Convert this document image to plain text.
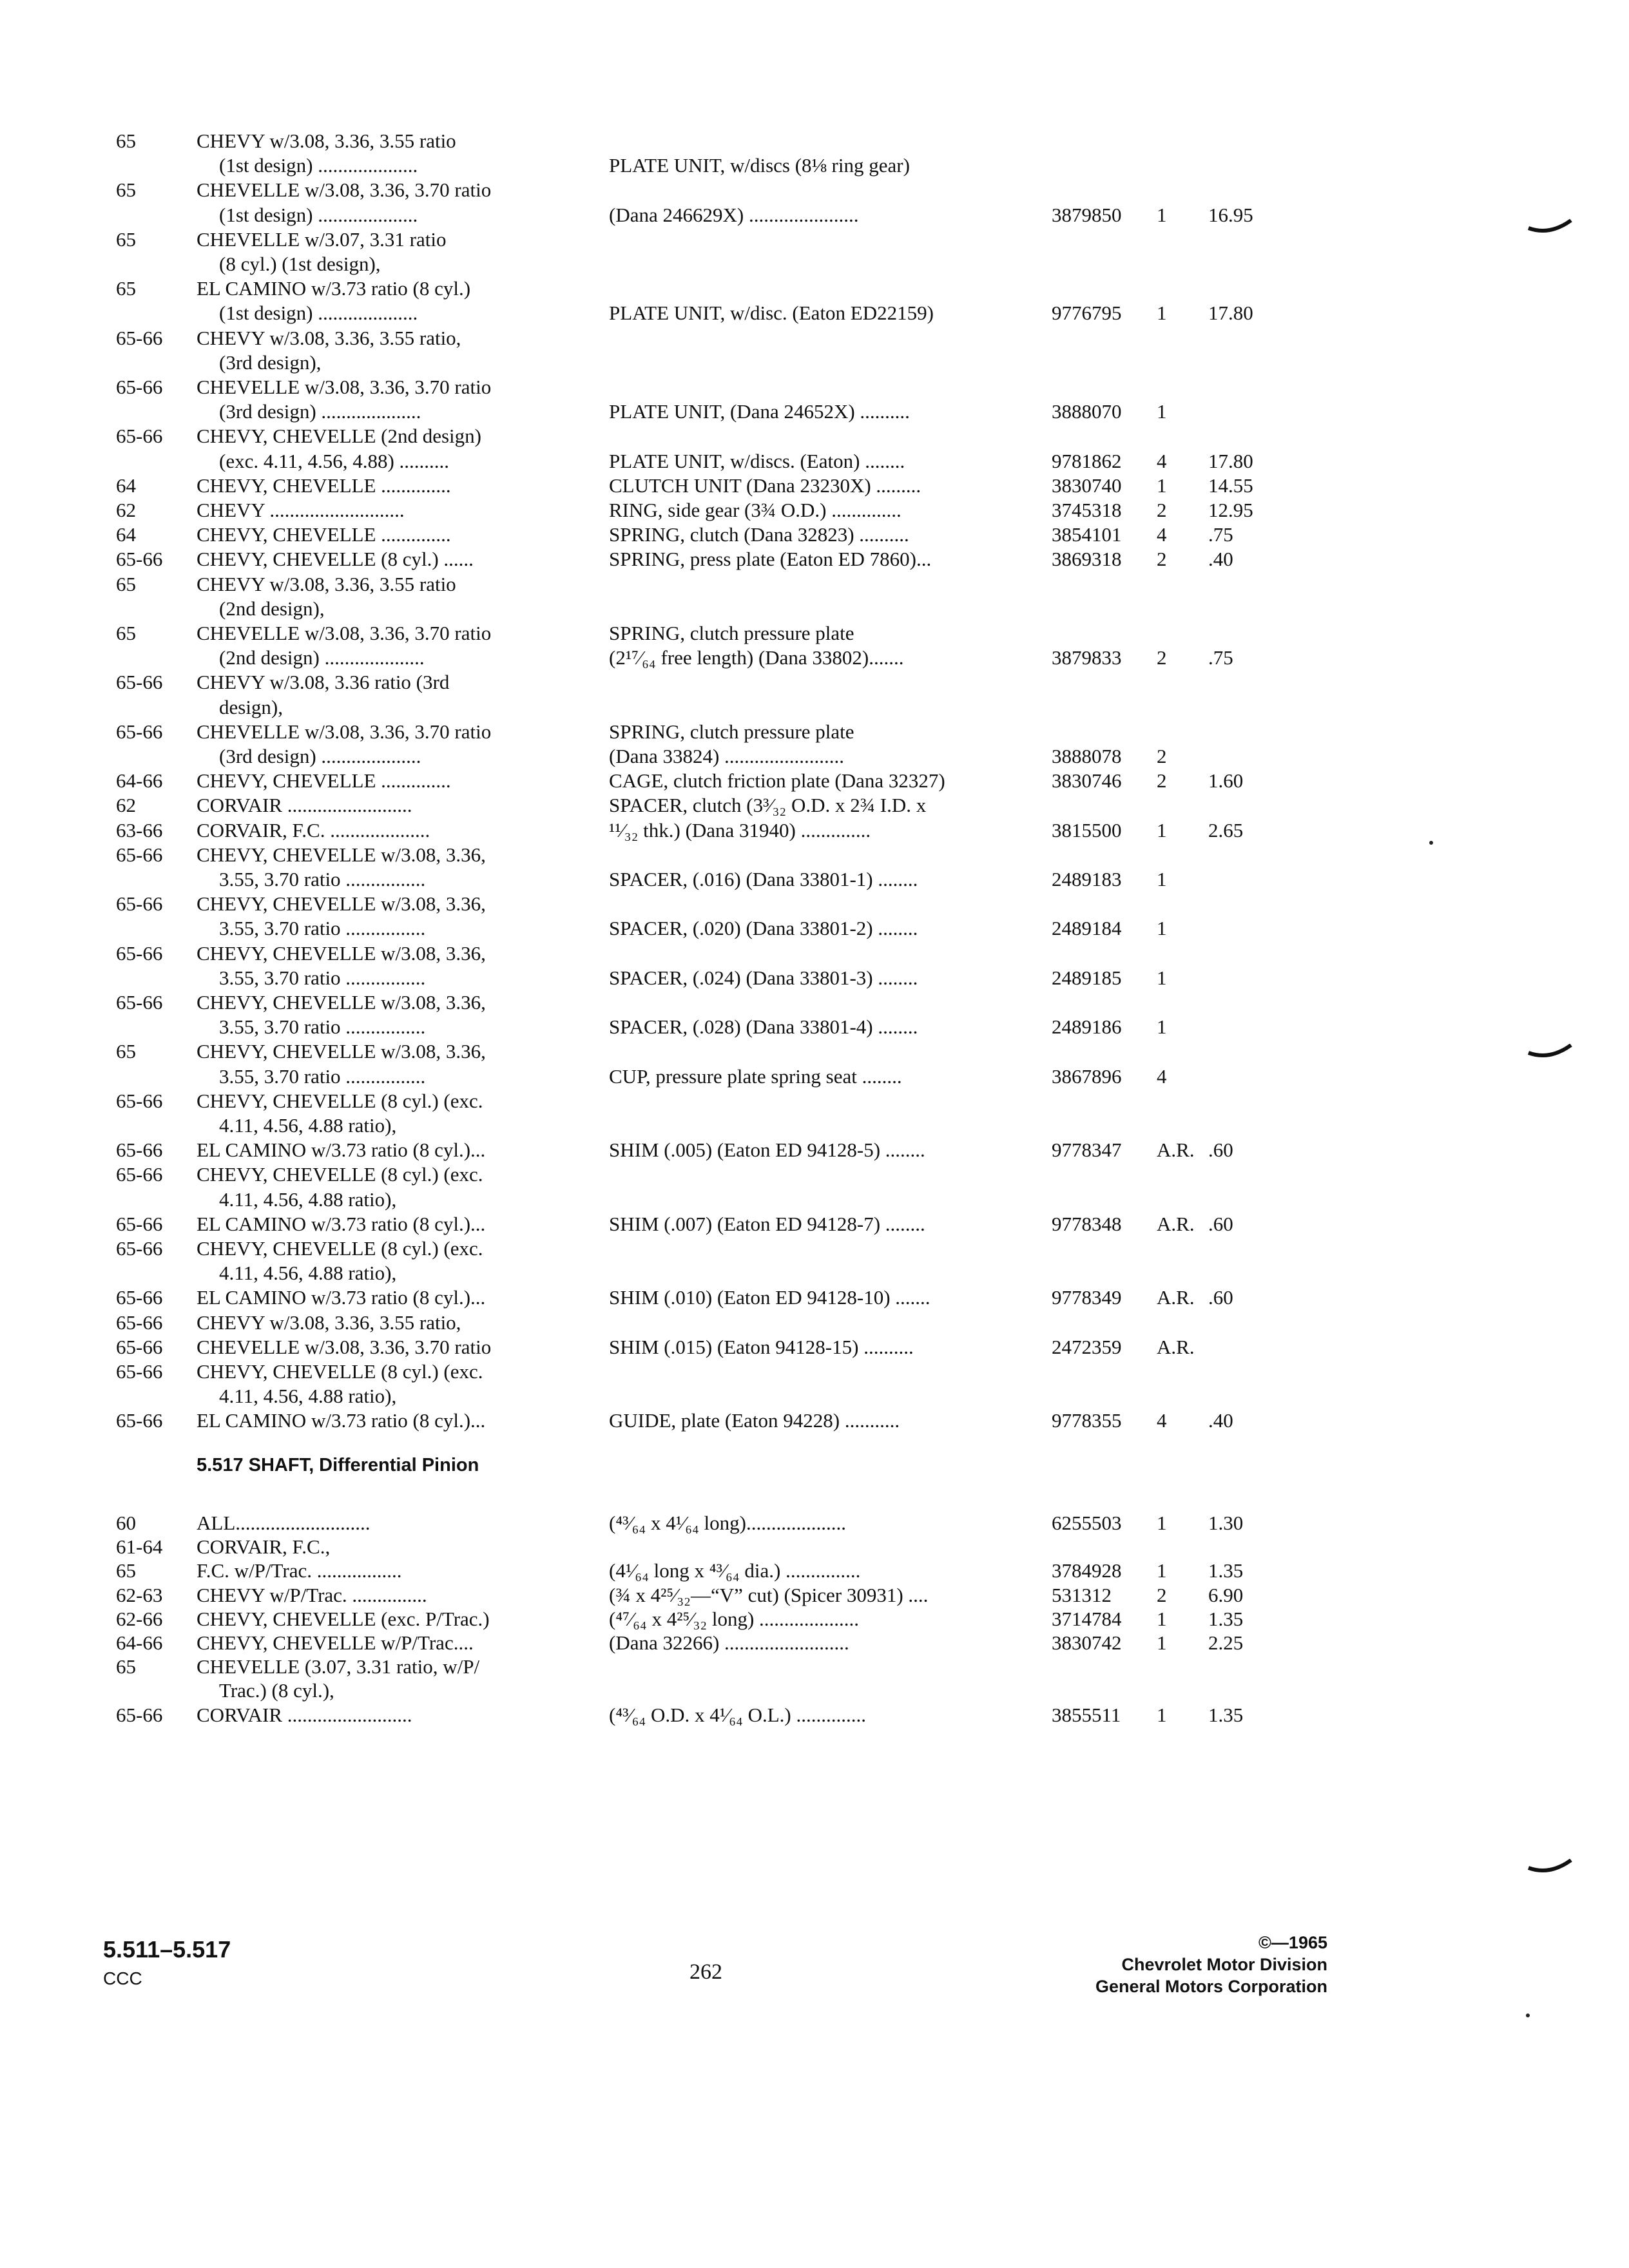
65	CHEVY w/3.08, 3.36, 3.55 ratio
(1st design) ....................	PLATE UNIT, w/discs (8⅛ ring gear)
65	CHEVELLE w/3.08, 3.36, 3.70 ratio
(1st design) ....................	(Dana 246629X) ......................	3879850 1 16.95
65	CHEVELLE w/3.07, 3.31 ratio
(8 cyl.) (1st design),
65	EL CAMINO w/3.73 ratio (8 cyl.)
(1st design) ....................	PLATE UNIT, w/disc. (Eaton ED22159)	9776795 1 17.80
65-66 CHEVY w/3.08, 3.36, 3.55 ratio,
(3rd design),
65-66 CHEVELLE w/3.08, 3.36, 3.70 ratio
(3rd design) ....................	PLATE UNIT, (Dana 24652X) ..........	3888070 1
65-66 CHEVY, CHEVELLE (2nd design)
(exc. 4.11, 4.56, 4.88) ..........	PLATE UNIT, w/discs. (Eaton) ........	9781862 4 17.80
64	CHEVY, CHEVELLE ..............	CLUTCH UNIT (Dana 23230X) .........	3830740 1 14.55
62	CHEVY ...........................	RING, side gear (3¾ O.D.) ..............	3745318 2 12.95
64	CHEVY, CHEVELLE ..............	SPRING, clutch (Dana 32823) ..........	3854101 4 .75
65-66 CHEVY, CHEVELLE (8 cyl.) ......	SPRING, press plate (Eaton ED 7860)...	3869318 2 .40
65	CHEVY w/3.08, 3.36, 3.55 ratio
(2nd design),
65	CHEVELLE w/3.08, 3.36, 3.70 ratio	SPRING, clutch pressure plate
(2nd design) ....................	(2¹⁷⁄₆₄ free length) (Dana 33802).......	3879833 2 .75
65-66 CHEVY w/3.08, 3.36 ratio (3rd
design),
65-66 CHEVELLE w/3.08, 3.36, 3.70 ratio	SPRING, clutch pressure plate
(3rd design) ....................	(Dana 33824) ........................	3888078 2
64-66 CHEVY, CHEVELLE ..............	CAGE, clutch friction plate (Dana 32327)	3830746 2 1.60
62	CORVAIR .........................	SPACER, clutch (3³⁄₃₂ O.D. x 2¾ I.D. x
63-66 CORVAIR, F.C. ....................	¹¹⁄₃₂ thk.) (Dana 31940) ..............	3815500 1 2.65
65-66 CHEVY, CHEVELLE w/3.08, 3.36,
3.55, 3.70 ratio ................	SPACER, (.016) (Dana 33801-1) ........	2489183 1
65-66 CHEVY, CHEVELLE w/3.08, 3.36,
3.55, 3.70 ratio ................	SPACER, (.020) (Dana 33801-2) ........	2489184 1
65-66 CHEVY, CHEVELLE w/3.08, 3.36,
3.55, 3.70 ratio ................	SPACER, (.024) (Dana 33801-3) ........	2489185 1
65-66 CHEVY, CHEVELLE w/3.08, 3.36,
3.55, 3.70 ratio ................	SPACER, (.028) (Dana 33801-4) ........	2489186 1
65	CHEVY, CHEVELLE w/3.08, 3.36,
3.55, 3.70 ratio ................	CUP, pressure plate spring seat ........	3867896 4
65-66 CHEVY, CHEVELLE (8 cyl.) (exc.
4.11, 4.56, 4.88 ratio),
65-66 EL CAMINO w/3.73 ratio (8 cyl.)...	SHIM (.005) (Eaton ED 94128-5) ........	9778347 A.R. .60
65-66 CHEVY, CHEVELLE (8 cyl.) (exc.
4.11, 4.56, 4.88 ratio),
65-66 EL CAMINO w/3.73 ratio (8 cyl.)...	SHIM (.007) (Eaton ED 94128-7) ........	9778348 A.R. .60
65-66 CHEVY, CHEVELLE (8 cyl.) (exc.
4.11, 4.56, 4.88 ratio),
65-66 EL CAMINO w/3.73 ratio (8 cyl.)...	SHIM (.010) (Eaton ED 94128-10) .......	9778349 A.R. .60
65-66 CHEVY w/3.08, 3.36, 3.55 ratio,
65-66 CHEVELLE w/3.08, 3.36, 3.70 ratio	SHIM (.015) (Eaton 94128-15) ..........	2472359 A.R.
65-66 CHEVY, CHEVELLE (8 cyl.) (exc.
4.11, 4.56, 4.88 ratio),
65-66 EL CAMINO w/3.73 ratio (8 cyl.)...	GUIDE, plate (Eaton 94228) ...........	9778355 4 .40
5.517 SHAFT, Differential Pinion
60	ALL...........................	(⁴³⁄₆₄ x 4¹⁄₆₄ long)....................	6255503 1 1.30
61-64 CORVAIR, F.C.,
65	F.C. w/P/Trac. .................	(4¹⁄₆₄ long x ⁴³⁄₆₄ dia.) ...............	3784928 1 1.35
62-63 CHEVY w/P/Trac. ...............	(¾ x 4²⁵⁄₃₂—“V” cut) (Spicer 30931) ....	531312 2 6.90
62-66 CHEVY, CHEVELLE (exc. P/Trac.)	(⁴⁷⁄₆₄ x 4²⁵⁄₃₂ long) ....................	3714784 1 1.35
64-66 CHEVY, CHEVELLE w/P/Trac....	(Dana 32266) .........................	3830742 1 2.25
65	CHEVELLE (3.07, 3.31 ratio, w/P/
Trac.) (8 cyl.),
65-66 CORVAIR .........................	(⁴³⁄₆₄ O.D. x 4¹⁄₆₄ O.L.) ..............	3855511 1 1.35
5.511–5.517
CCC	262
©—1965
Chevrolet Motor Division
General Motors Corporation
